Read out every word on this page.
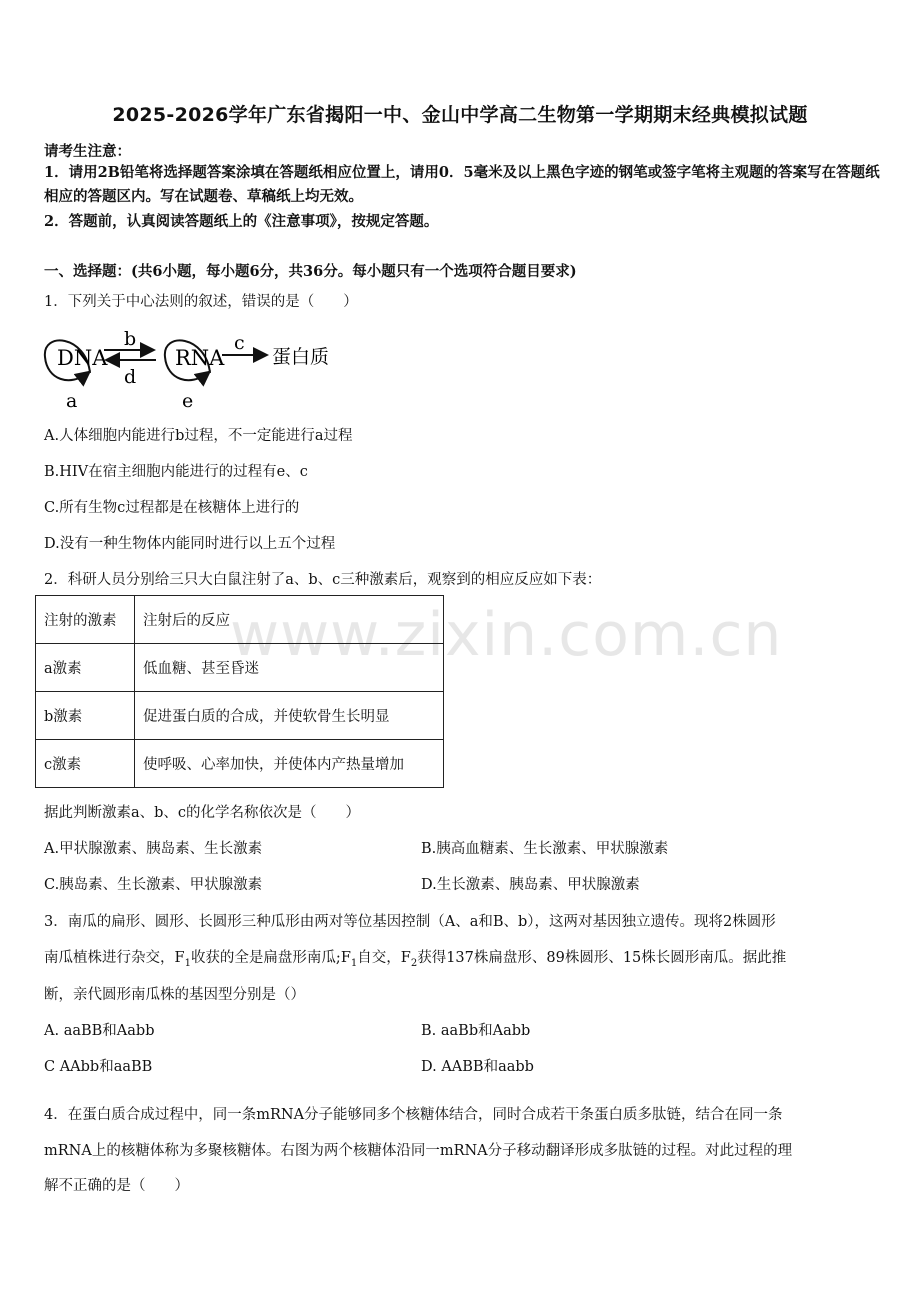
www.zixin.com.cn
2025-2026学年广东省揭阳一中、金山中学高二生物第一学期期末经典模拟试题
请考生注意：
1．请用2B铅笔将选择题答案涂填在答题纸相应位置上，请用0．5毫米及以上黑色字迹的钢笔或签字笔将主观题的答案写在答题纸相应的答题区内。写在试题卷、草稿纸上均无效。
2．答题前，认真阅读答题纸上的《注意事项》，按规定答题。
一、选择题：(共6小题，每小题6分，共36分。每小题只有一个选项符合题目要求)
1．下列关于中心法则的叙述，错误的是（　　）
DNA	RNA	蛋白质
b
d
c
a	e
A.人体细胞内能进行b过程，不一定能进行a过程
B.HIV在宿主细胞内能进行的过程有e、c
C.所有生物c过程都是在核糖体上进行的
D.没有一种生物体内能同时进行以上五个过程
2．科研人员分别给三只大白鼠注射了a、b、c三种激素后，观察到的相应反应如下表：
注射的激素	注射后的反应
a激素	低血糖、甚至昏迷
b激素	促进蛋白质的合成，并使软骨生长明显
c激素	使呼吸、心率加快，并使体内产热量增加
据此判断激素a、b、c的化学名称依次是（　　）
A.甲状腺激素、胰岛素、生长激素	B.胰高血糖素、生长激素、甲状腺激素
C.胰岛素、生长激素、甲状腺激素	D.生长激素、胰岛素、甲状腺激素
3．南瓜的扁形、圆形、长圆形三种瓜形由两对等位基因控制（A、a和B、b），这两对基因独立遗传。现将2株圆形
南瓜植株进行杂交，$F_1$收获的全是扁盘形南瓜$;F_1$自交，$F_2$获得137株扁盘形、89株圆形、15株长圆形南瓜。据此推
断，亲代圆形南瓜株的基因型分别是（）
A. aaBB和Aabb	B. aaBb和Aabb
C AAbb和aaBB	D. AABB和aabb
4．在蛋白质合成过程中，同一条mRNA分子能够同多个核糖体结合，同时合成若干条蛋白质多肽链，结合在同一条
mRNA上的核糖体称为多聚核糖体。右图为两个核糖体沿同一mRNA分子移动翻译形成多肽链的过程。对此过程的理
解不正确的是（　　）
